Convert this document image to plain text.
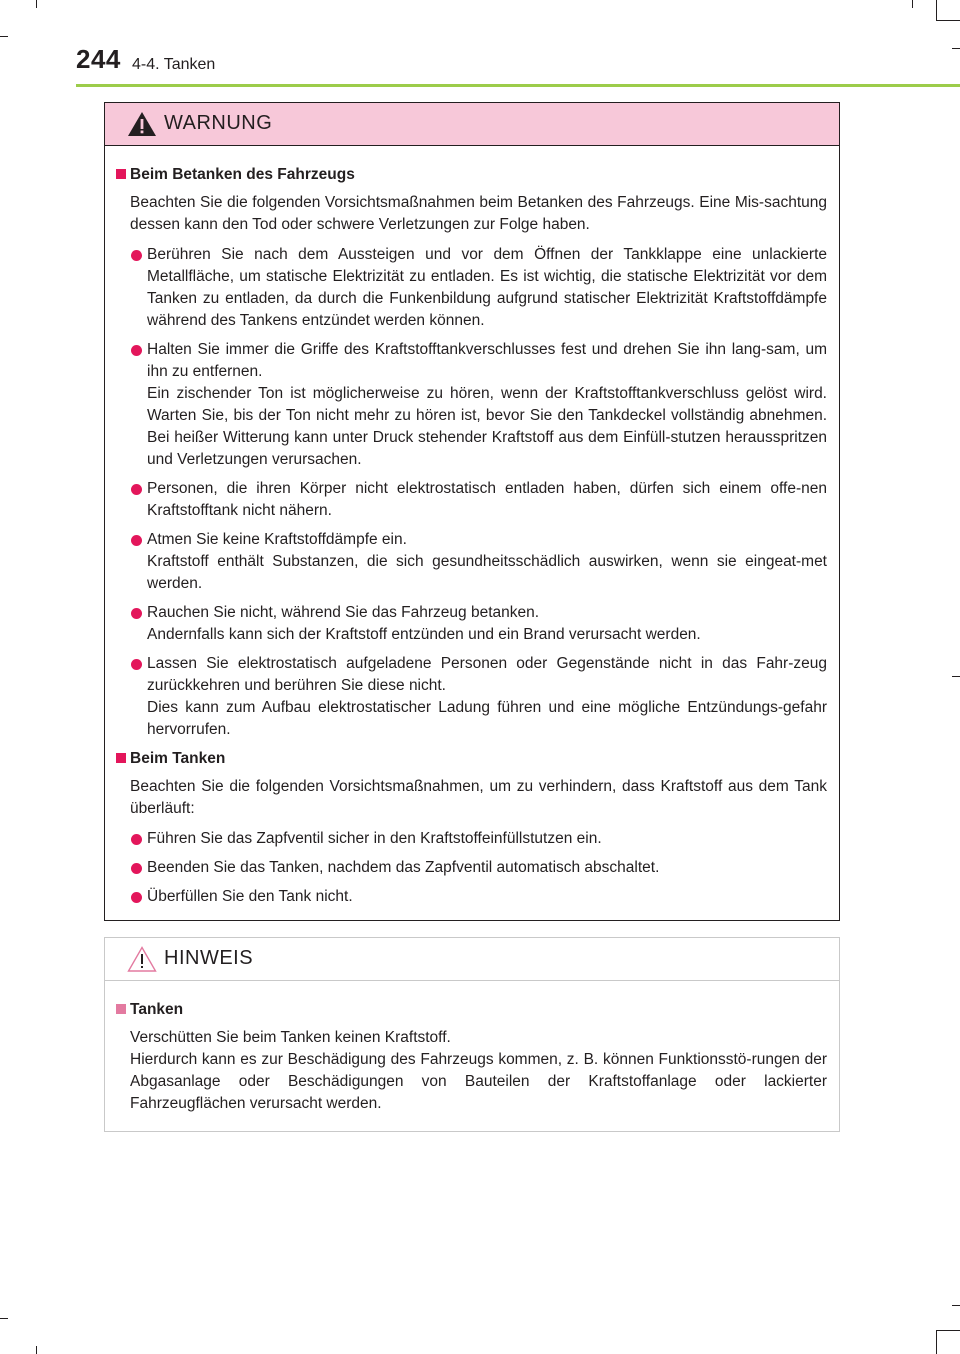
244 4-4. Tanken
WARNUNG
Beim Betanken des Fahrzeugs
Beachten Sie die folgenden Vorsichtsmaßnahmen beim Betanken des Fahrzeugs. Eine Mis-sachtung dessen kann den Tod oder schwere Verletzungen zur Folge haben.
Berühren Sie nach dem Aussteigen und vor dem Öffnen der Tankklappe eine unlackierte Metallfläche, um statische Elektrizität zu entladen. Es ist wichtig, die statische Elektrizität vor dem Tanken zu entladen, da durch die Funkenbildung aufgrund statischer Elektrizität Kraftstoffdämpfe während des Tankens entzündet werden können.
Halten Sie immer die Griffe des Kraftstofftankverschlusses fest und drehen Sie ihn lang-sam, um ihn zu entfernen.
Ein zischender Ton ist möglicherweise zu hören, wenn der Kraftstofftankverschluss gelöst wird. Warten Sie, bis der Ton nicht mehr zu hören ist, bevor Sie den Tankdeckel vollständig abnehmen. Bei heißer Witterung kann unter Druck stehender Kraftstoff aus dem Einfüll-stutzen herausspritzen und Verletzungen verursachen.
Personen, die ihren Körper nicht elektrostatisch entladen haben, dürfen sich einem offe-nen Kraftstofftank nicht nähern.
Atmen Sie keine Kraftstoffdämpfe ein.
Kraftstoff enthält Substanzen, die sich gesundheitsschädlich auswirken, wenn sie eingeat-met werden.
Rauchen Sie nicht, während Sie das Fahrzeug betanken.
Andernfalls kann sich der Kraftstoff entzünden und ein Brand verursacht werden.
Lassen Sie elektrostatisch aufgeladene Personen oder Gegenstände nicht in das Fahr-zeug zurückkehren und berühren Sie diese nicht.
Dies kann zum Aufbau elektrostatischer Ladung führen und eine mögliche Entzündungs-gefahr hervorrufen.
Beim Tanken
Beachten Sie die folgenden Vorsichtsmaßnahmen, um zu verhindern, dass Kraftstoff aus dem Tank überläuft:
Führen Sie das Zapfventil sicher in den Kraftstoffeinfüllstutzen ein.
Beenden Sie das Tanken, nachdem das Zapfventil automatisch abschaltet.
Überfüllen Sie den Tank nicht.
HINWEIS
Tanken
Verschütten Sie beim Tanken keinen Kraftstoff.
Hierdurch kann es zur Beschädigung des Fahrzeugs kommen, z. B. können Funktionsstö-rungen der Abgasanlage oder Beschädigungen von Bauteilen der Kraftstoffanlage oder lackierter Fahrzeugflächen verursacht werden.
